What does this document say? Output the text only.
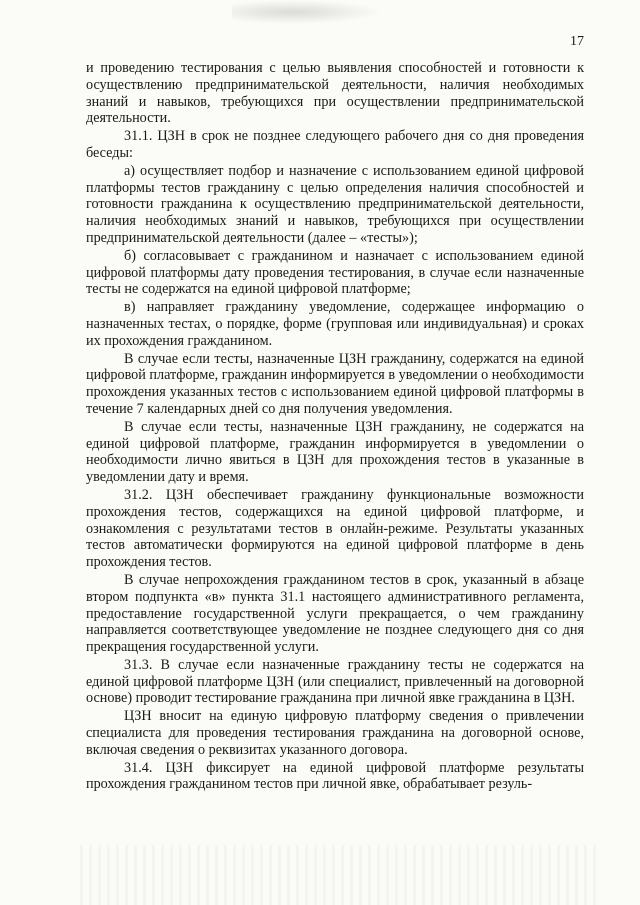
17

и проведению тестирования с целью выявления способностей и готовности к осуществлению предпринимательской деятельности, наличия необходимых знаний и навыков, требующихся при осуществлении предпринимательской деятельности.

31.1. ЦЗН в срок не позднее следующего рабочего дня со дня проведения беседы:

а) осуществляет подбор и назначение с использованием единой цифровой платформы тестов гражданину с целью определения наличия способностей и готовности гражданина к осуществлению предпринимательской деятельности, наличия необходимых знаний и навыков, требующихся при осуществлении предпринимательской деятельности (далее – «тесты»);

б) согласовывает с гражданином и назначает с использованием единой цифровой платформы дату проведения тестирования, в случае если назначенные тесты не содержатся на единой цифровой платформе;

в) направляет гражданину уведомление, содержащее информацию о назначенных тестах, о порядке, форме (групповая или индивидуальная) и сроках их прохождения гражданином.

В случае если тесты, назначенные ЦЗН гражданину, содержатся на единой цифровой платформе, гражданин информируется в уведомлении о необходимости прохождения указанных тестов с использованием единой цифровой платформы в течение 7 календарных дней со дня получения уведомления.

В случае если тесты, назначенные ЦЗН гражданину, не содержатся на единой цифровой платформе, гражданин информируется в уведомлении о необходимости лично явиться в ЦЗН для прохождения тестов в указанные в уведомлении дату и время.

31.2. ЦЗН обеспечивает гражданину функциональные возможности прохождения тестов, содержащихся на единой цифровой платформе, и ознакомления с результатами тестов в онлайн-режиме. Результаты указанных тестов автоматически формируются на единой цифровой платформе в день прохождения тестов.

В случае непрохождения гражданином тестов в срок, указанный в абзаце втором подпункта «в» пункта 31.1 настоящего административного регламента, предоставление государственной услуги прекращается, о чем гражданину направляется соответствующее уведомление не позднее следующего дня со дня прекращения государственной услуги.

31.3. В случае если назначенные гражданину тесты не содержатся на единой цифровой платформе ЦЗН (или специалист, привлеченный на договорной основе) проводит тестирование гражданина при личной явке гражданина в ЦЗН.

ЦЗН вносит на единую цифровую платформу сведения о привлечении специалиста для проведения тестирования гражданина на договорной основе, включая сведения о реквизитах указанного договора.

31.4. ЦЗН фиксирует на единой цифровой платформе результаты прохождения гражданином тестов при личной явке, обрабатывает резуль-
